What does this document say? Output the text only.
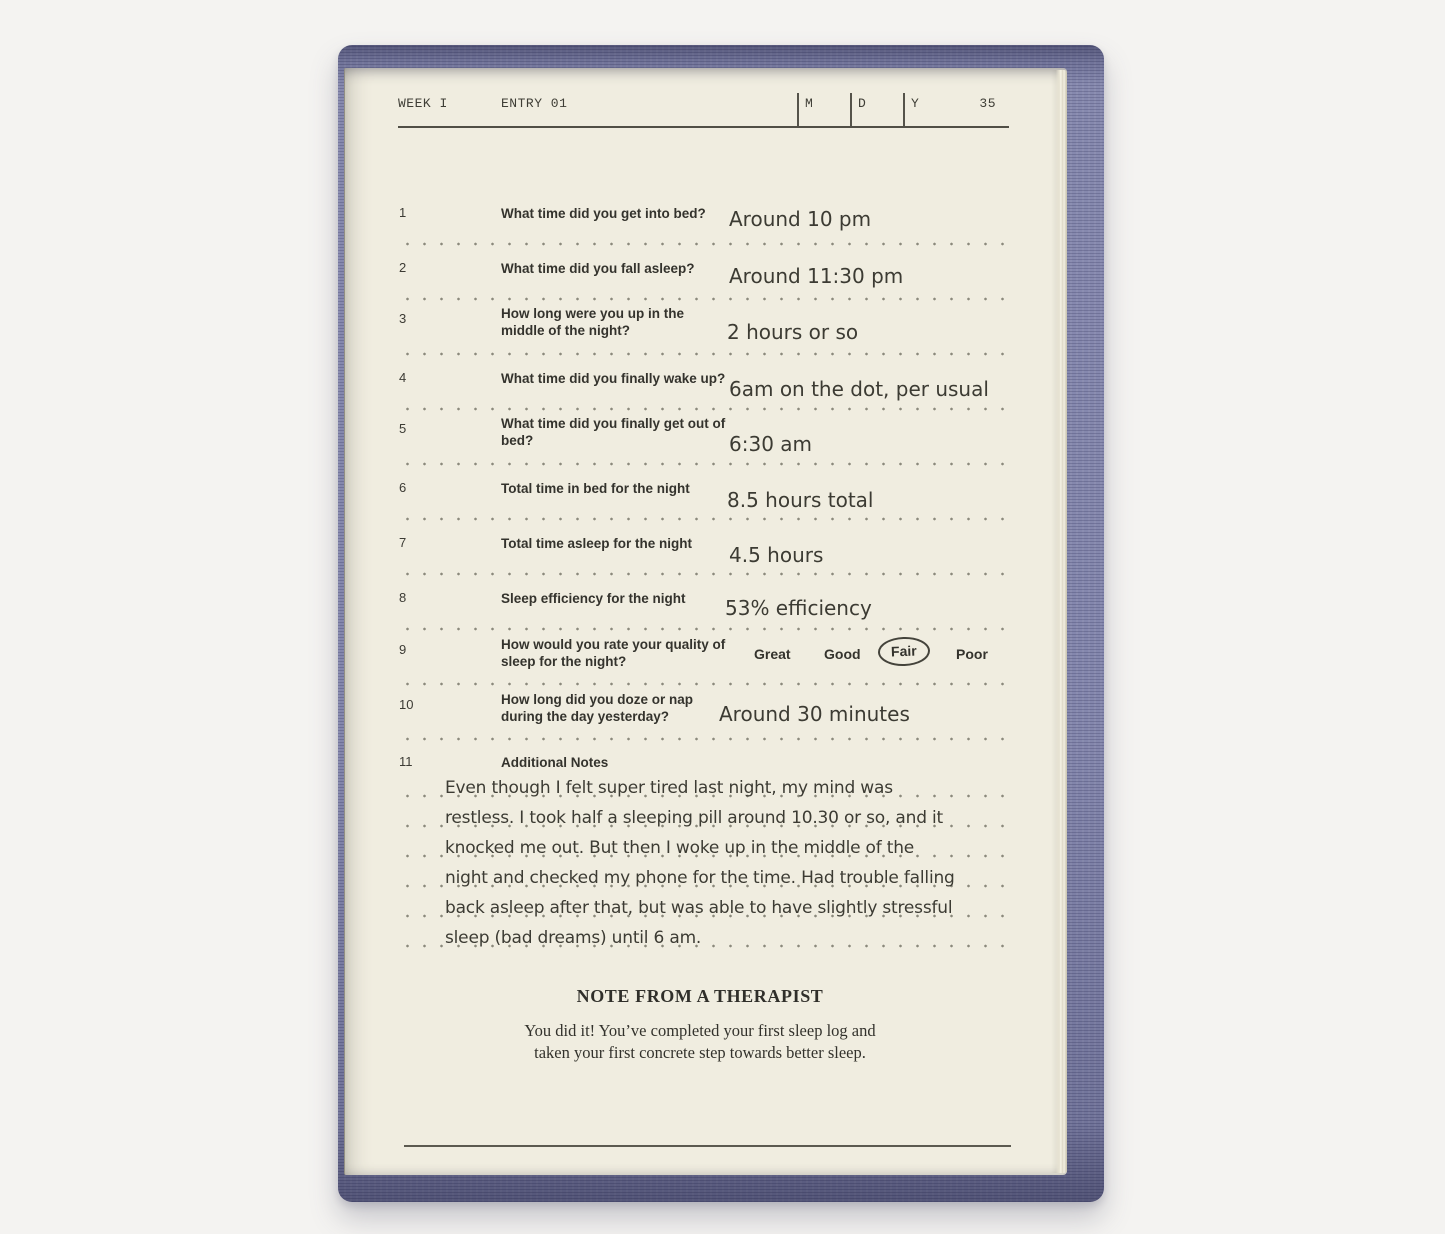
WEEK I	ENTRY 01	M	D	Y	35
1	What time did you get into bed?	Around 10 pm
2	What time did you fall asleep?	Around 11:30 pm
3	How long were you up in the middle of the night?	2 hours or so
4	What time did you finally wake up? 6am on the dot, per usual
5	What time did you finally get out of bed?	6:30 am
6	Total time in bed for the night	8.5 hours total
7	Total time asleep for the night	4.5 hours
8	Sleep efficiency for the night	53% efficiency
9	How would you rate your quality of sleep for the night?	Great Good	Fair	Poor
10	How long did you doze or nap during the day yesterday?	Around 30 minutes
11	Additional Notes
Even though I felt super tired last night, my mind was
restless. I took half a sleeping pill around 10.30 or so, and it
knocked me out. But then I woke up in the middle of the
night and checked my phone for the time. Had trouble falling
back asleep after that, but was able to have slightly stressful
sleep (bad dreams) until 6 am.
NOTE FROM A THERAPIST
You did it! You’ve completed your first sleep log and
taken your first concrete step towards better sleep.
